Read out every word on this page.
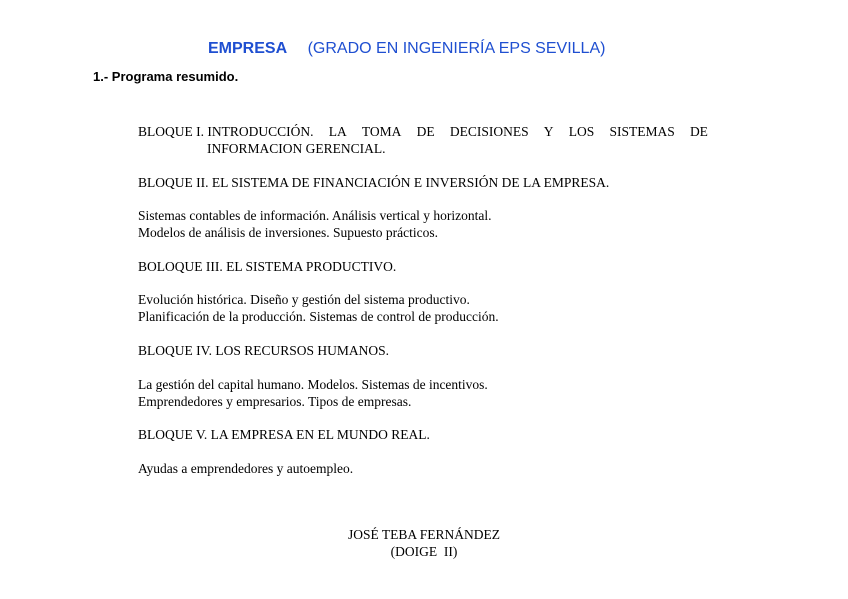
EMPRESA (GRADO EN INGENIERÍA EPS SEVILLA)
1.- Programa resumido.
BLOQUE I. INTRODUCCIÓN. LA TOMA DE DECISIONES Y LOS SISTEMAS DE
INFORMACION GERENCIAL.
BLOQUE II. EL SISTEMA DE FINANCIACIÓN E INVERSIÓN DE LA EMPRESA.
Sistemas contables de información. Análisis vertical y horizontal.
Modelos de análisis de inversiones. Supuesto prácticos.
BOLOQUE III. EL SISTEMA PRODUCTIVO.
Evolución histórica. Diseño y gestión del sistema productivo.
Planificación de la producción. Sistemas de control de producción.
BLOQUE IV. LOS RECURSOS HUMANOS.
La gestión del capital humano. Modelos. Sistemas de incentivos.
Emprendedores y empresarios. Tipos de empresas.
BLOQUE V. LA EMPRESA EN EL MUNDO REAL.
Ayudas a emprendedores y autoempleo.
JOSÉ TEBA FERNÁNDEZ
(DOIGE  II)
